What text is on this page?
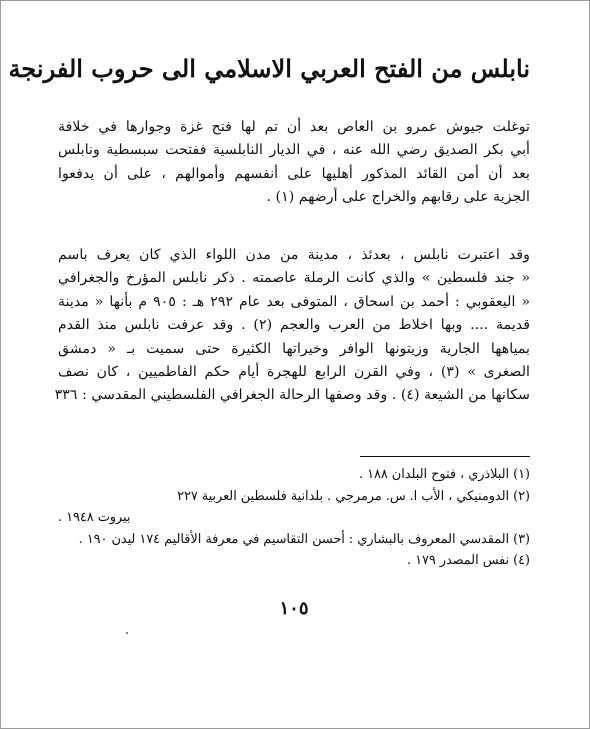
نابلس من الفتح العربي الاسلامي الى حروب الفرنجة
توغلت جيوش عمرو بن العاص بعد أن تم لها فتح غزة وجوارها في خلافة
أبي بكر الصديق رضي الله عنه ، في الديار النابلسية ففتحت سبسطية ونابلس
بعد أن أمن القائد المذكور أهليها على أنفسهم وأموالهم ، على أن يدفعوا
الجزية على رقابهم والخراج على أرضهم (١) .
وقد اعتبرت نابلس ، بعدئذ ، مدينة من مدن اللواء الذي كان يعرف باسم
« جند فلسطين » والذي كانت الرملة عاصمته . ذكر نابلس المؤرخ والجغرافي
« اليعقوبي : أحمد بن اسحاق ، المتوفى بعد عام ٢٩٢ هـ : ٩٠٥ م بأنها « مدينة
قديمة .... وبها اخلاط من العرب والعجم (٢) . وقد عرفت نابلس منذ القدم
بمياهها الجارية وزيتونها الوافر وخيراتها الكثيرة حتى سميت بـ « دمشق
الصغرى » (٣) ، وفي القرن الرابع للهجرة أيام حكم الفاطميين ، كان نصف
سكانها من الشيعة (٤) . وقد وصفها الرحالة الجغرافي الفلسطيني المقدسي : ٣٣٦
(١) البلاذري ، فتوح البلدان ١٨٨ .
(٢) الدومنيكي ، الأب ا. س. مرمرجي . بلدانية فلسطين العربية ٢٢٧
بيروت ١٩٤٨ .
(٣) المقدسي المعروف بالبشاري : أحسن التقاسيم في معرفة الأقاليم ١٧٤ ليدن ١٩٠ .
(٤) نفس المصدر ١٧٩ .
١٠٥
